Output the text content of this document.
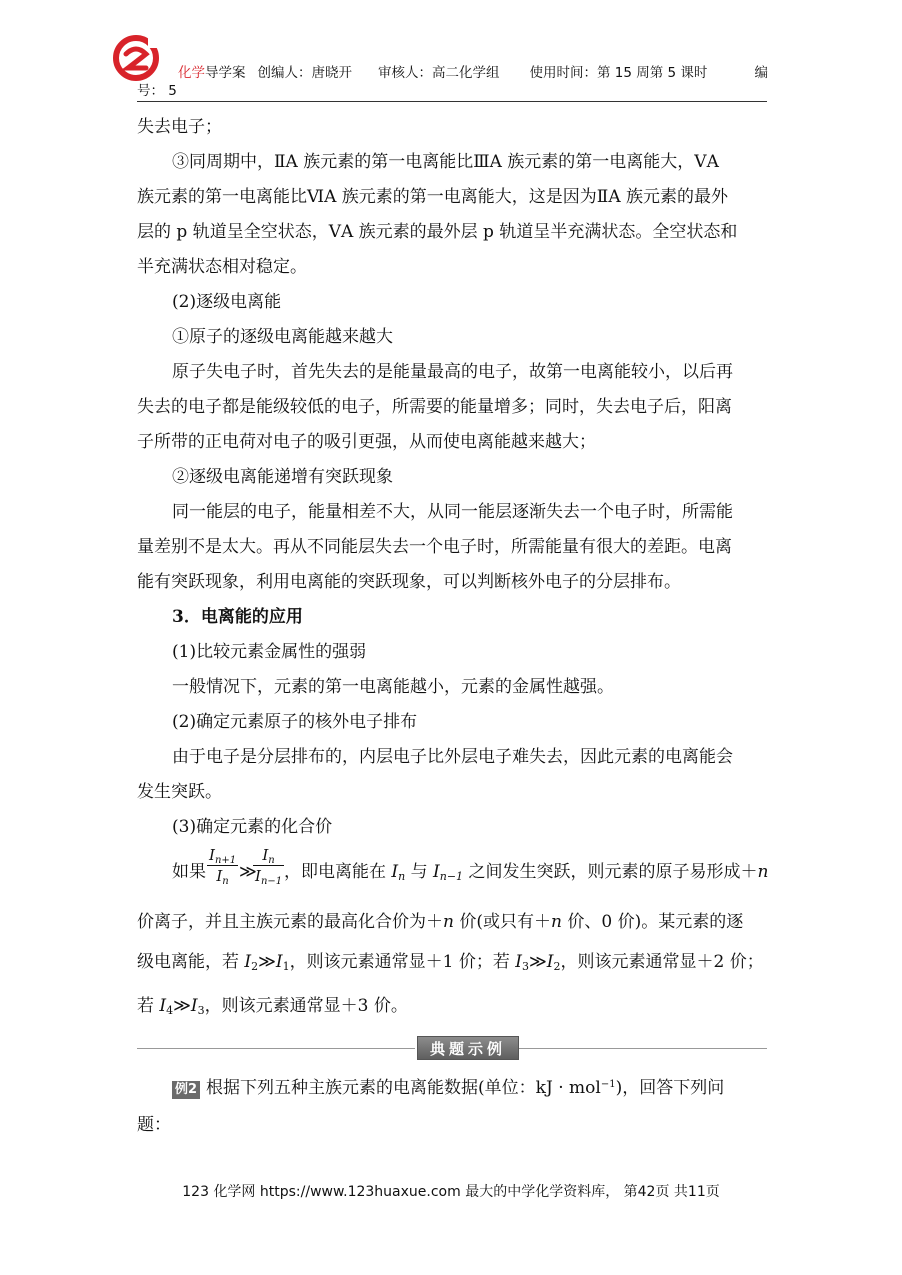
化学导学案 创编人：唐晓开 审核人：高二化学组 使用时间：第 15 周第 5 课时	编
号： 5

失去电子；

③同周期中，ⅡA 族元素的第一电离能比ⅢA 族元素的第一电离能大，ⅤA

族元素的第一电离能比ⅥA 族元素的第一电离能大，这是因为ⅡA 族元素的最外

层的 p 轨道呈全空状态，ⅤA 族元素的最外层 p 轨道呈半充满状态。全空状态和

半充满状态相对稳定。

(2)逐级电离能

①原子的逐级电离能越来越大

原子失电子时，首先失去的是能量最高的电子，故第一电离能较小，以后再

失去的电子都是能级较低的电子，所需要的能量增多；同时，失去电子后，阳离

子所带的正电荷对电子的吸引更强，从而使电离能越来越大；

②逐级电离能递增有突跃现象

同一能层的电子，能量相差不大，从同一能层逐渐失去一个电子时，所需能

量差别不是太大。再从不同能层失去一个电子时，所需能量有很大的差距。电离

能有突跃现象，利用电离能的突跃现象，可以判断核外电子的分层排布。

3．电离能的应用

(1)比较元素金属性的强弱

一般情况下，元素的第一电离能越小，元素的金属性越强。

(2)确定元素原子的核外电子排布

由于电子是分层排布的，内层电子比外层电子难失去，因此元素的电离能会

发生突跃。

(3)确定元素的化合价

如果 $\frac{I_{n+1}}{I_n}$ ≫
$\frac{I_n}{I_{n-1}}$ ，即电离能在 $I_n$ 与 $I_{n-1}$ 之间发生突跃，则元素的原子易形成＋n

价离子，并且主族元素的最高化合价为＋n 价(或只有＋n 价、0 价)。某元素的逐

级电离能，若 $I_2≫I_1$，则该元素通常显＋1 价；若 $I_3≫I_2$，则该元素通常显＋2 价；

若 $I_4≫I_3$，则该元素通常显＋3 价。

典题示例

例2 根据下列五种主族元素的电离能数据(单位：kJ · mol$^{-1}$)，回答下列问

题：

123 化学网 https://www.123huaxue.com 最大的中学化学资料库， 第42页 共11页
